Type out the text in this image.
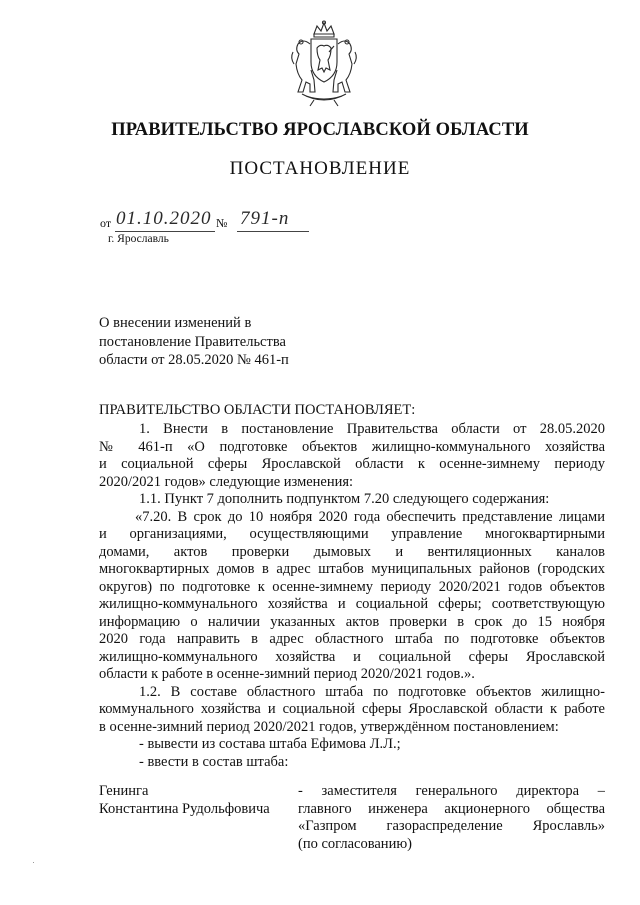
ПРАВИТЕЛЬСТВО ЯРОСЛАВСКОЙ ОБЛАСТИ
ПОСТАНОВЛЕНИЕ
от 01.10.2020 № 791-п
г. Ярославль
О внесении изменений в
постановление Правительства
области от 28.05.2020 № 461-п
ПРАВИТЕЛЬСТВО ОБЛАСТИ ПОСТАНОВЛЯЕТ:
1. Внести в постановление Правительства области от 28.05.2020
№ 461-п «О подготовке объектов жилищно-коммунального хозяйства
и социальной сферы Ярославской области к осенне-зимнему периоду
2020/2021 годов» следующие изменения:
1.1. Пункт 7 дополнить подпунктом 7.20 следующего содержания:
«7.20. В срок до 10 ноября 2020 года обеспечить представление лицами
и организациями, осуществляющими управление многоквартирными
домами, актов проверки дымовых и вентиляционных каналов
многоквартирных домов в адрес штабов муниципальных районов (городских
округов) по подготовке к осенне-зимнему периоду 2020/2021 годов объектов
жилищно-коммунального хозяйства и социальной сферы; соответствующую
информацию о наличии указанных актов проверки в срок до 15 ноября
2020 года направить в адрес областного штаба по подготовке объектов
жилищно-коммунального хозяйства и социальной сферы Ярославской
области к работе в осенне-зимний период 2020/2021 годов.».
1.2. В составе областного штаба по подготовке объектов жилищно-
коммунального хозяйства и социальной сферы Ярославской области к работе
в осенне-зимний период 2020/2021 годов, утверждённом постановлением:
- вывести из состава штаба Ефимова Л.Л.;
- ввести в состав штаба:
Генинга
Константина Рудольфовича
- заместителя генерального директора –
главного инженера акционерного общества
«Газпром газораспределение Ярославль»
(по согласованию)
